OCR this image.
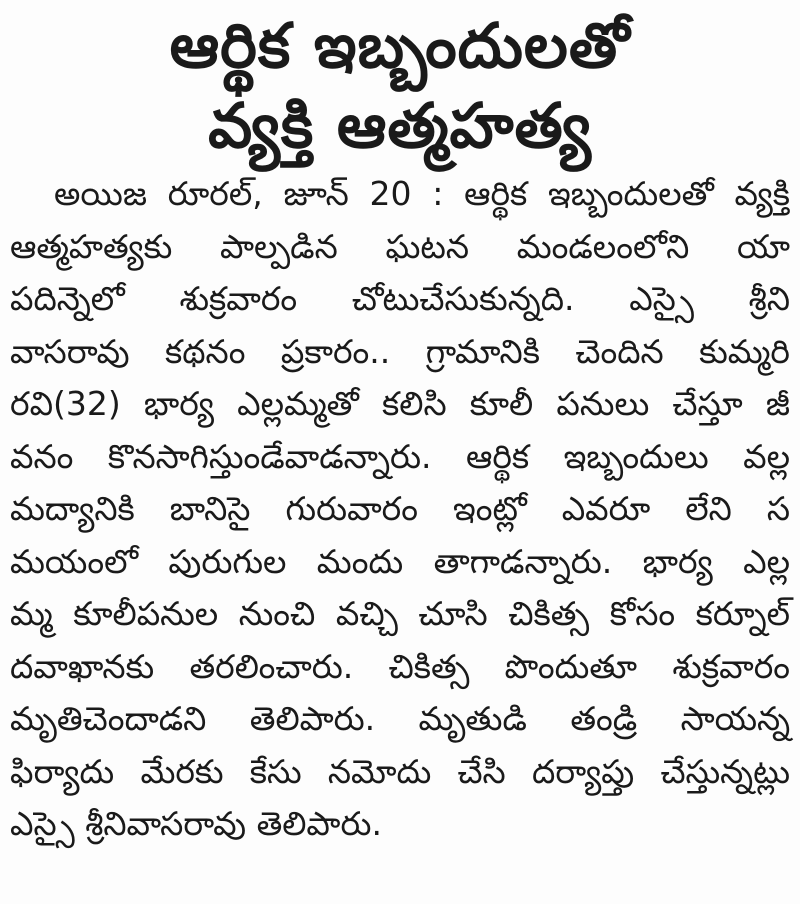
ఆర్థిక ఇబ్బందులతో
వ్యక్తి ఆత్మహత్య
అయిజ రూరల్, జూన్ 20 : ఆర్థిక ఇబ్బందులతో వ్యక్తి
ఆత్మహత్యకు పాల్పడిన ఘటన మండలంలోని యా
పదిన్నెలో శుక్రవారం చోటుచేసుకున్నది. ఎస్సై శ్రీని
వాసరావు కథనం ప్రకారం.. గ్రామానికి చెందిన కుమ్మరి
రవి(32) భార్య ఎల్లమ్మతో కలిసి కూలీ పనులు చేస్తూ జీ
వనం కొనసాగిస్తుండేవాడన్నారు. ఆర్థిక ఇబ్బందులు వల్ల
మద్యానికి బానిసై గురువారం ఇంట్లో ఎవరూ లేని స
మయంలో పురుగుల మందు తాగాడన్నారు. భార్య ఎల్ల
మ్మ కూలీపనుల నుంచి వచ్చి చూసి చికిత్స కోసం కర్నూల్
దవాఖానకు తరలించారు. చికిత్స పొందుతూ శుక్రవారం
మృతిచెందాడని తెలిపారు. మృతుడి తండ్రి సాయన్న
ఫిర్యాదు మేరకు కేసు నమోదు చేసి దర్యాప్తు చేస్తున్నట్లు
ఎస్సై శ్రీనివాసరావు తెలిపారు.
